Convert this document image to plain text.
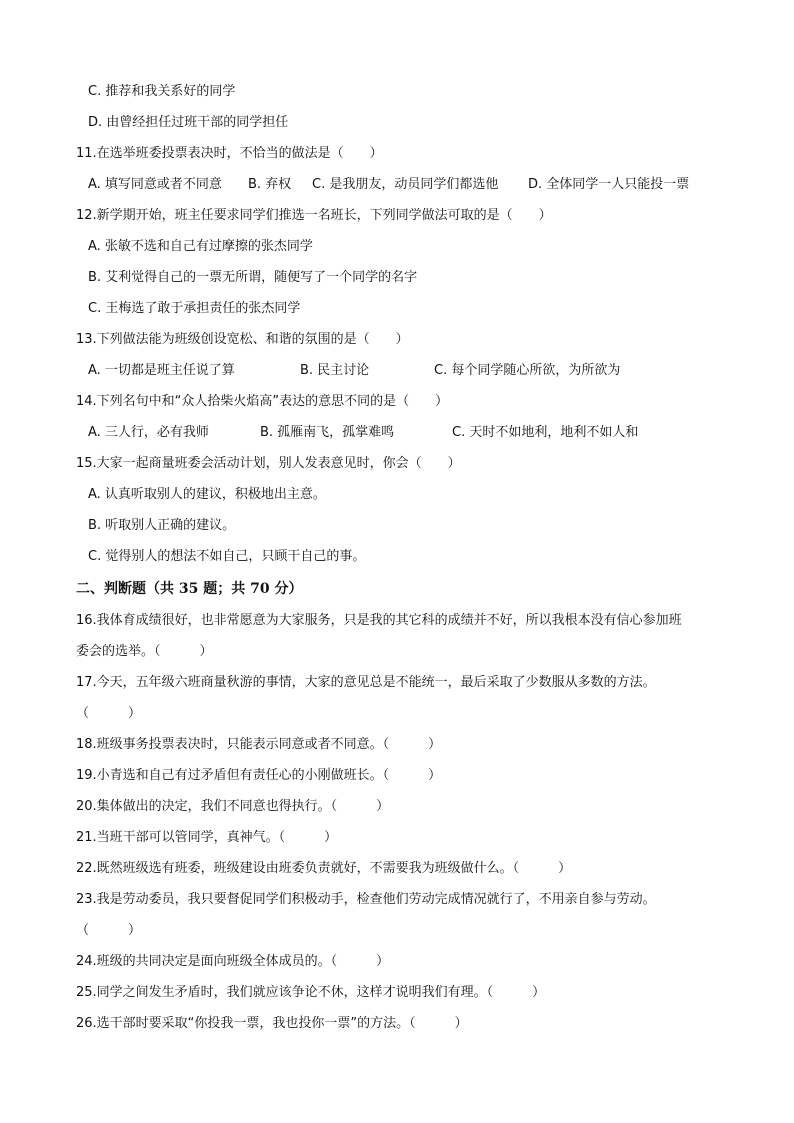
C. 推荐和我关系好的同学
D. 由曾经担任过班干部的同学担任
11.在选举班委投票表决时，不恰当的做法是（　　）
A. 填写同意或者不同意 B. 弃权 C. 是我朋友，动员同学们都选他 D. 全体同学一人只能投一票
12.新学期开始，班主任要求同学们推选一名班长，下列同学做法可取的是（　　）
A. 张敏不选和自己有过摩擦的张杰同学
B. 艾利觉得自己的一票无所谓，随便写了一个同学的名字
C. 王梅选了敢于承担责任的张杰同学
13.下列做法能为班级创设宽松、和谐的氛围的是（　　）
A. 一切都是班主任说了算	B. 民主讨论	C. 每个同学随心所欲，为所欲为
14.下列名句中和“众人拾柴火焰高”表达的意思不同的是（　　）
A. 三人行，必有我师	B. 孤雁南飞，孤掌难鸣	C. 天时不如地利，地利不如人和
15.大家一起商量班委会活动计划，别人发表意见时，你会（　　）
A. 认真听取别人的建议，积极地出主意。
B. 听取别人正确的建议。
C. 觉得别人的想法不如自己，只顾干自己的事。
二、判断题（共 35 题；共 70 分）
16.我体育成绩很好，也非常愿意为大家服务，只是我的其它科的成绩并不好，所以我根本没有信心参加班
委会的选举。（　　　）
17.今天，五年级六班商量秋游的事情，大家的意见总是不能统一，最后采取了少数服从多数的方法。
（　　　）
18.班级事务投票表决时，只能表示同意或者不同意。（　　　）
19.小青选和自己有过矛盾但有责任心的小刚做班长。（　　　）
20.集体做出的决定，我们不同意也得执行。（　　　）
21.当班干部可以管同学，真神气。（　　　）
22.既然班级选有班委，班级建设由班委负责就好，不需要我为班级做什么。（　　　）
23.我是劳动委员，我只要督促同学们积极动手，检查他们劳动完成情况就行了，不用亲自参与劳动。
（　　　）
24.班级的共同决定是面向班级全体成员的。（　　　）
25.同学之间发生矛盾时，我们就应该争论不休，这样才说明我们有理。（　　　）
26.选干部时要采取“你投我一票，我也投你一票”的方法。（　　　）
